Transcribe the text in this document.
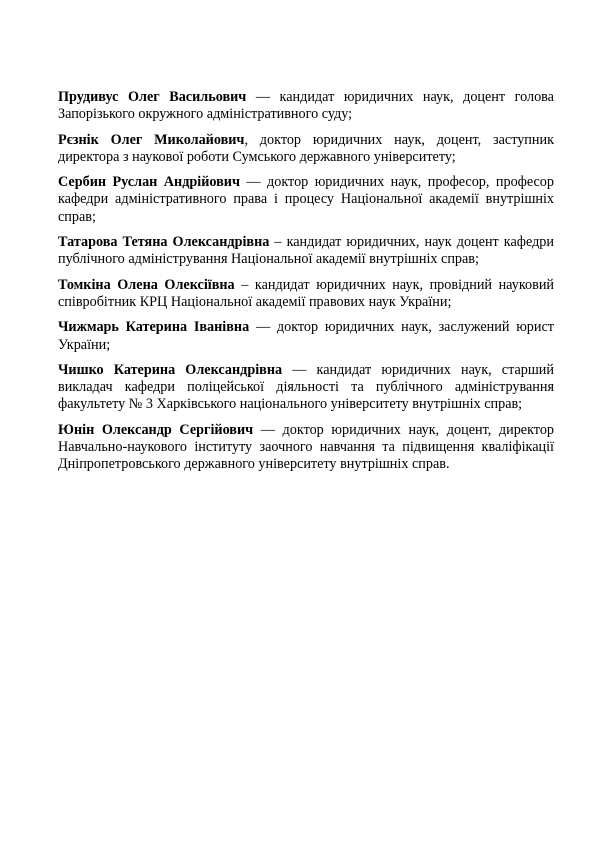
Прудивус Олег Васильович — кандидат юридичних наук, доцент голова Запорізького окружного адміністративного суду;

Рєзнік Олег Миколайович, доктор юридичних наук, доцент, заступник директора з наукової роботи Сумського державного університету;

Сербин Руслан Андрійович — доктор юридичних наук, професор, професор кафедри адміністративного права і процесу Національної академії внутрішніх справ;

Татарова Тетяна Олександрівна – кандидат юридичних, наук доцент кафедри публічного адміністрування Національної академії внутрішніх справ;

Томкіна Олена Олексіївна – кандидат юридичних наук, провідний науковий співробітник КРЦ Національної академії правових наук України;

Чижмарь Катерина Іванівна — доктор юридичних наук, заслужений юрист України;

Чишко Катерина Олександрівна — кандидат юридичних наук, старший викладач кафедри поліцейської діяльності та публічного адміністрування факультету № 3 Харківського національного університету внутрішніх справ;

Юнін Олександр Сергійович — доктор юридичних наук, доцент, директор Навчально-наукового інституту заочного навчання та підвищення кваліфікації Дніпропетровського державного університету внутрішніх справ.
